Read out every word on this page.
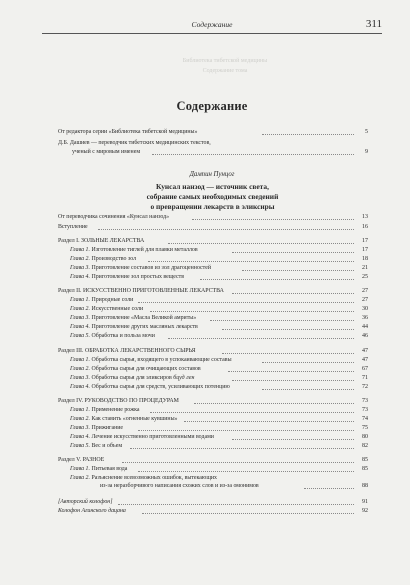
Содержание	311
Библиотека тибетской медицины
Содержание тома
Содержание
От редактора серии «Библиотека тибетской медицины»	5
Д.Б. Дашиев — переводчик тибетских медицинских текстов,
ученый с мировым именем	9
Дампин Пунцог
Кунсал нанзод — источник света,
собрание самых необходимых сведений
о превращении лекарств в эликсиры
От переводчика сочинения «Кунсал нанзод»	13
Вступление	16
Раздел I. ЗОЛЬНЫЕ ЛЕКАРСТВА	17
Глава 1. Изготовление тиглей для плавки металлов	17
Глава 2. Производство зол	18
Глава 3. Приготовление составов из зол драгоценностей	21
Глава 4. Приготовление зол простых веществ	25
Раздел II. ИСКУССТВЕННО ПРИГОТОВЛЕННЫЕ ЛЕКАРСТВА	27
Глава 1. Природные соли	27
Глава 2. Искусственные соли	30
Глава 3. Приготовление «Масла Великой амриты»	36
Глава 4. Приготовление других масляных лекарств	44
Глава 5. Обработка и пользa мочи	46
Раздел III. ОБРАБОТКА ЛЕКАРСТВЕННОГО СЫРЬЯ	47
Глава 1. Обработка сырья, входящего в успокаивающие составы	47
Глава 2. Обработка сырья для очищающих составов	67
Глава 3. Обработка сырья для эликсиров бцуд лен	71
Глава 4. Обработка сырья для средств, усиливающих потенцию	72
Раздел IV. РУКОВОДСТВО ПО ПРОЦЕДУРАМ	73
Глава 1. Применение рожка	73
Глава 2. Как ставить «огненные кувшины»	74
Глава 3. Прижигание	75
Глава 4. Лечение искусственно приготовленными водами	80
Глава 5. Вес и объем	82
Раздел V. РАЗНОЕ	85
Глава 1. Питьевая вода	85
Глава 2. Разъяснение всевозможных ошибок, вытекающих
из-за неразборчивого написания схожих слов и из-за омонимов	88
[Авторский колофон]	91
Колофон Агинского дацана	92
